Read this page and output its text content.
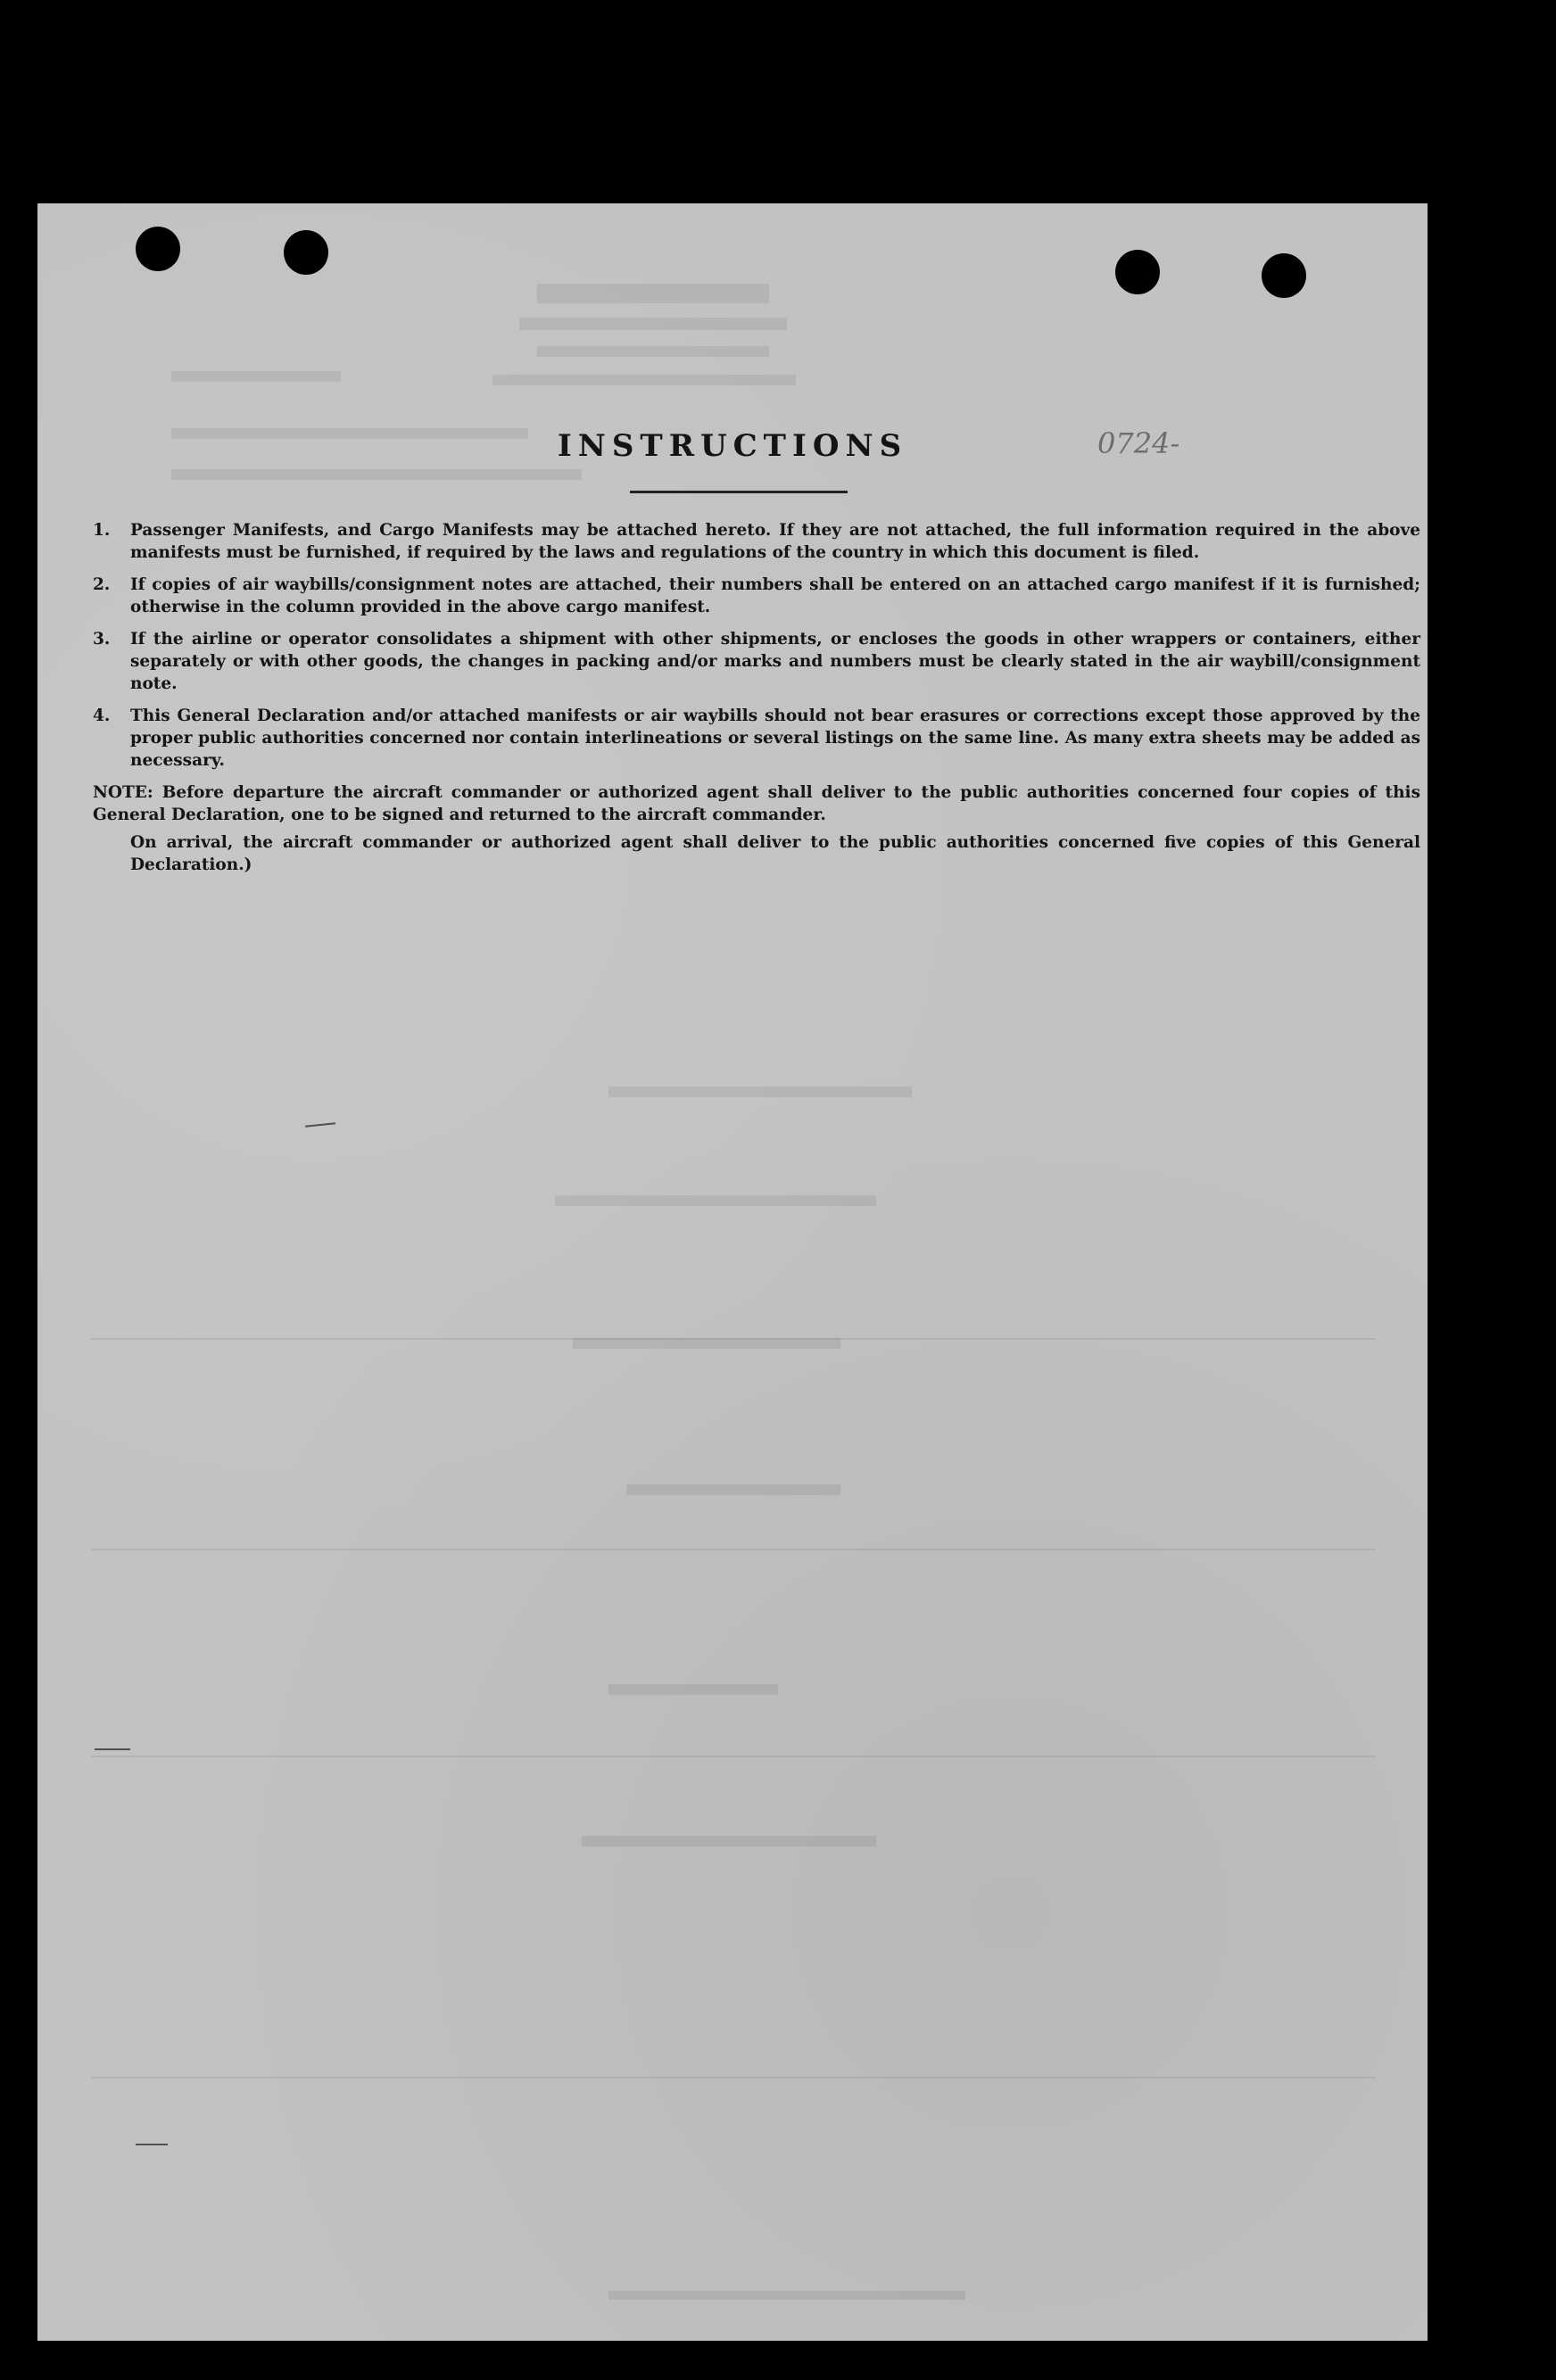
INSTRUCTIONS	0724-
1.	Passenger Manifests, and Cargo Manifests may be attached hereto. If they are not attached, the full information required in the above manifests must be furnished, if required by the laws and regulations of the country in which this document is filed.
2.	If copies of air waybills/consignment notes are attached, their numbers shall be entered on an attached cargo manifest if it is furnished; otherwise in the column provided in the above cargo manifest.
3.	If the airline or operator consolidates a shipment with other shipments, or encloses the goods in other wrappers or containers, either separately or with other goods, the changes in packing and/or marks and numbers must be clearly stated in the air waybill/consignment note.
4.	This General Declaration and/or attached manifests or air waybills should not bear erasures or corrections except those approved by the proper public authorities concerned nor contain interlineations or several listings on the same line. As many extra sheets may be added as necessary.
NOTE: Before departure the aircraft commander or authorized agent shall deliver to the public authorities concerned four copies of this General Declaration, one to be signed and returned to the aircraft commander.
On arrival, the aircraft commander or authorized agent shall deliver to the public authorities concerned five copies of this General Declaration.)
